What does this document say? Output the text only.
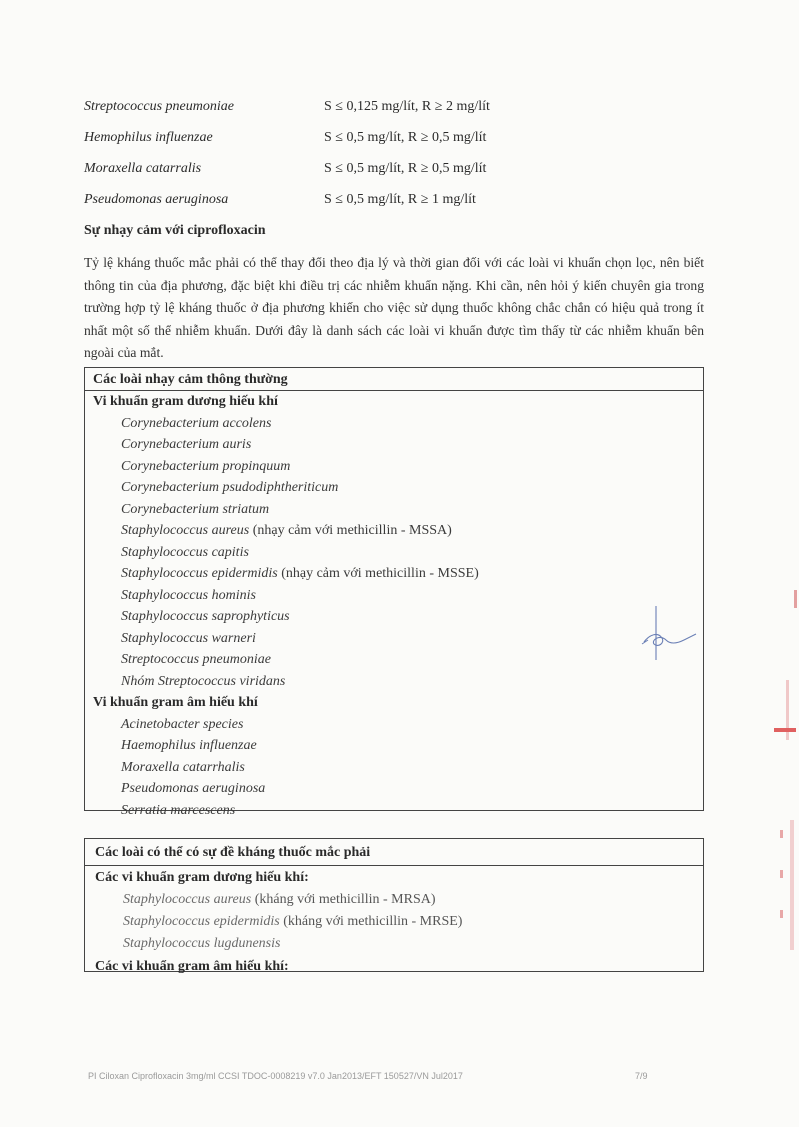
Streptococcus pneumoniae	S ≤ 0,125 mg/lít, R ≥ 2 mg/lít
Hemophilus influenzae	S ≤ 0,5 mg/lít, R ≥ 0,5 mg/lít
Moraxella catarralis	S ≤ 0,5 mg/lít, R ≥ 0,5 mg/lít
Pseudomonas aeruginosa	S ≤ 0,5 mg/lít, R ≥ 1 mg/lít
Sự nhạy cảm với ciprofloxacin
Tỷ lệ kháng thuốc mắc phải có thể thay đổi theo địa lý và thời gian đối với các loài vi khuẩn chọn lọc, nên biết thông tin của địa phương, đặc biệt khi điều trị các nhiễm khuẩn nặng. Khi cần, nên hỏi ý kiến chuyên gia trong trường hợp tỷ lệ kháng thuốc ở địa phương khiến cho việc sử dụng thuốc không chắc chắn có hiệu quả trong ít nhất một số thể nhiễm khuẩn. Dưới đây là danh sách các loài vi khuẩn được tìm thấy từ các nhiễm khuẩn bên ngoài của mắt.
Các loài nhạy cảm thông thường
Vi khuẩn gram dương hiếu khí
Corynebacterium accolens
Corynebacterium auris
Corynebacterium propinquum
Corynebacterium psudodiphtheriticum
Corynebacterium striatum
Staphylococcus aureus (nhạy cảm với methicillin - MSSA)
Staphylococcus capitis
Staphylococcus epidermidis (nhạy cảm với methicillin - MSSE)
Staphylococcus hominis
Staphylococcus saprophyticus
Staphylococcus warneri
Streptococcus pneumoniae
Nhóm Streptococcus viridans
Vi khuẩn gram âm hiếu khí
Acinetobacter species
Haemophilus influenzae
Moraxella catarrhalis
Pseudomonas aeruginosa
Serratia marcescens
Các loài có thể có sự đề kháng thuốc mắc phải
Các vi khuẩn gram dương hiếu khí:
Staphylococcus aureus (kháng với methicillin - MRSA)
Staphylococcus epidermidis (kháng với methicillin - MRSE)
Staphylococcus lugdunensis
Các vi khuẩn gram âm hiếu khí:
PI Ciloxan Ciprofloxacin 3mg/ml CCSI TDOC-0008219 v7.0 Jan2013/EFT 150527/VN Jul2017	7/9
